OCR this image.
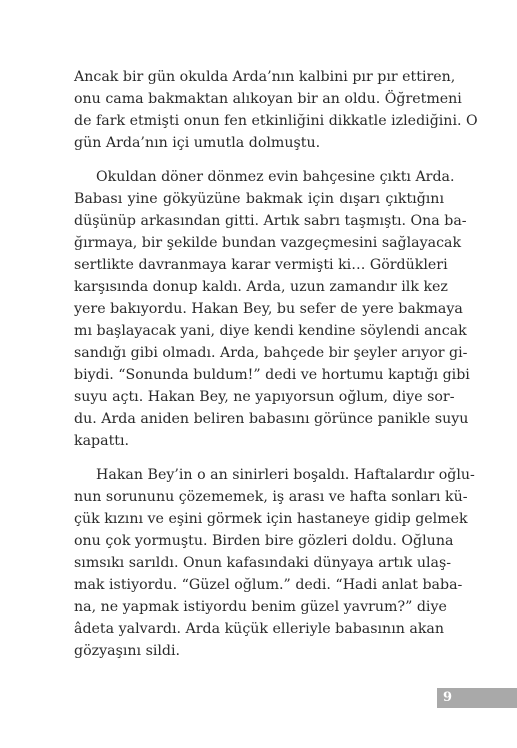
Ancak bir gün okulda Arda’nın kalbini pır pır ettiren,
onu cama bakmaktan alıkoyan bir an oldu. Öğretmeni
de fark etmişti onun fen etkinliğini dikkatle izlediğini. O
gün Arda’nın içi umutla dolmuştu.
Okuldan döner dönmez evin bahçesine çıktı Arda.
Babası yine gökyüzüne bakmak için dışarı çıktığını
düşünüp arkasından gitti. Artık sabrı taşmıştı. Ona ba-
ğırmaya, bir şekilde bundan vazgeçmesini sağlayacak
sertlikte davranmaya karar vermişti ki… Gördükleri
karşısında donup kaldı. Arda, uzun zamandır ilk kez
yere bakıyordu. Hakan Bey, bu sefer de yere bakmaya
mı başlayacak yani, diye kendi kendine söylendi ancak
sandığı gibi olmadı. Arda, bahçede bir şeyler arıyor gi-
biydi. “Sonunda buldum!” dedi ve hortumu kaptığı gibi
suyu açtı. Hakan Bey, ne yapıyorsun oğlum, diye sor-
du. Arda aniden beliren babasını görünce panikle suyu
kapattı.
Hakan Bey’in o an sinirleri boşaldı. Haftalardır oğlu-
nun sorununu çözememek, iş arası ve hafta sonları kü-
çük kızını ve eşini görmek için hastaneye gidip gelmek
onu çok yormuştu. Birden bire gözleri doldu. Oğluna
sımsıkı sarıldı. Onun kafasındaki dünyaya artık ulaş-
mak istiyordu. “Güzel oğlum.” dedi. “Hadi anlat baba-
na, ne yapmak istiyordu benim güzel yavrum?” diye
âdeta yalvardı. Arda küçük elleriyle babasının akan
gözyaşını sildi.
9
